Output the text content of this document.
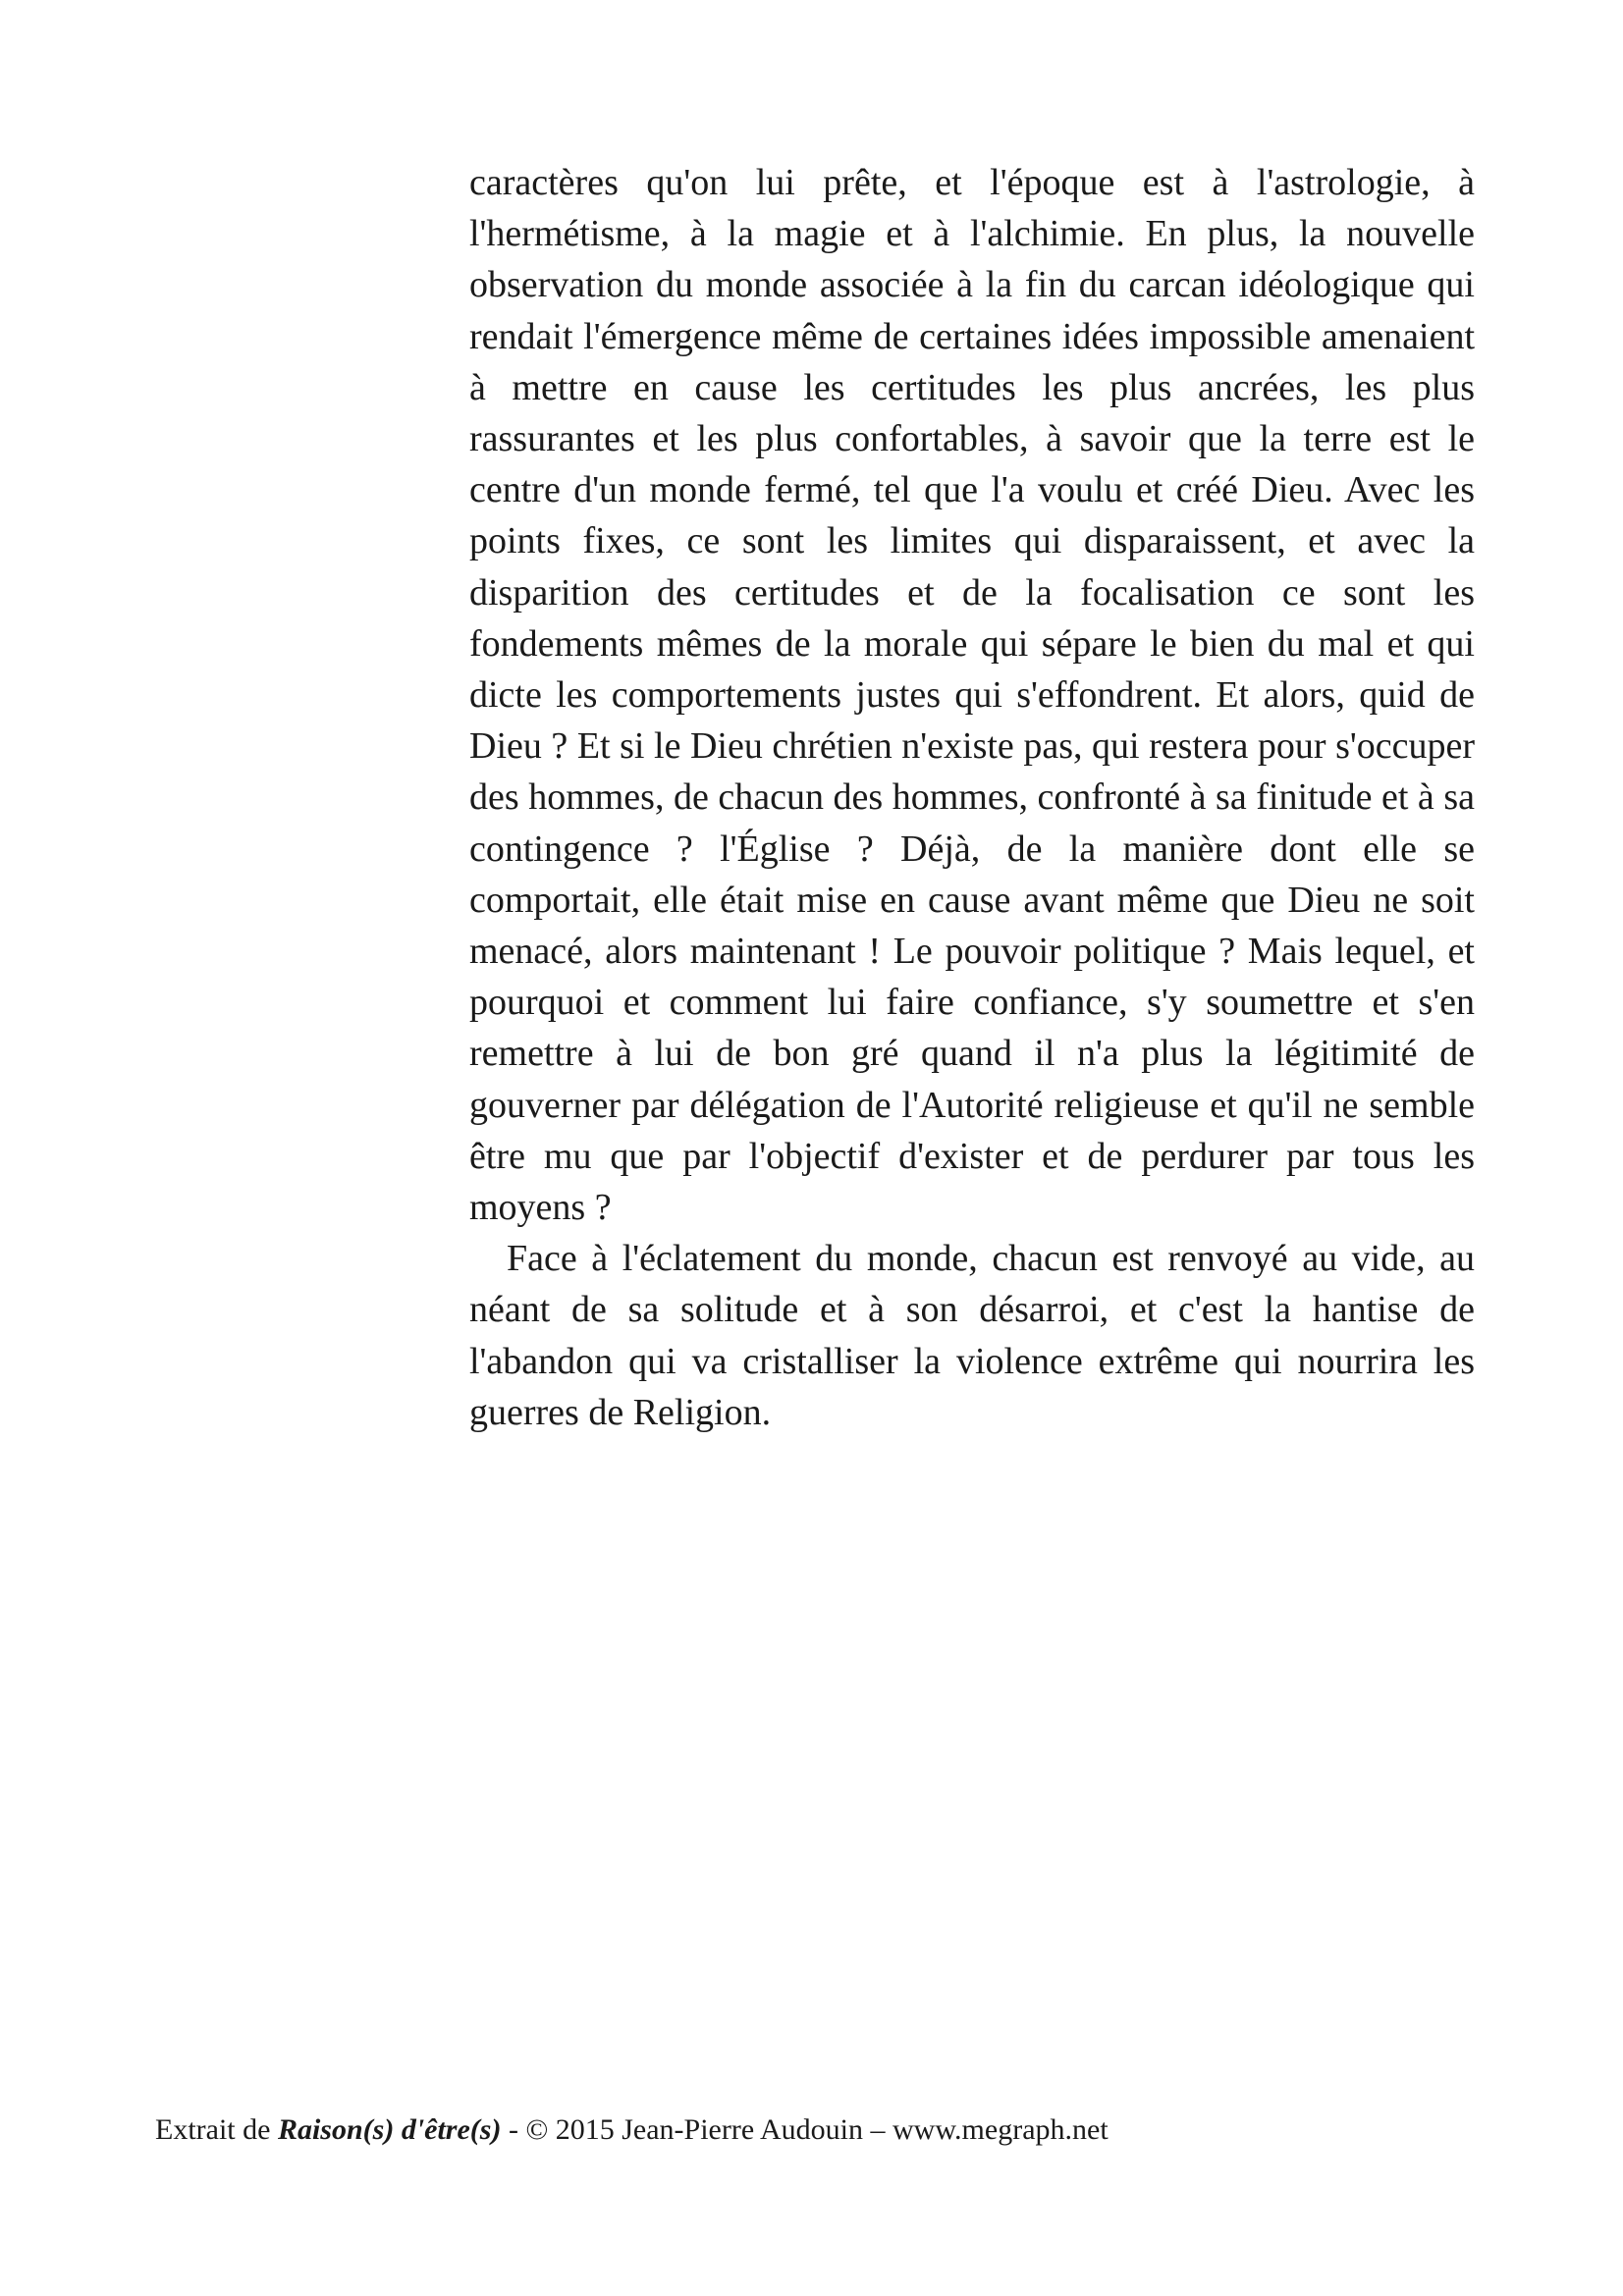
caractères qu'on lui prête, et l'époque est à l'astrologie, à l'hermétisme, à la magie et à l'alchimie. En plus, la nouvelle observation du monde associée à la fin du carcan idéologique qui rendait l'émergence même de certaines idées impossible amenaient à mettre en cause les certitudes les plus ancrées, les plus rassurantes et les plus confortables, à savoir que la terre est le centre d'un monde fermé, tel que l'a voulu et créé Dieu. Avec les points fixes, ce sont les limites qui disparaissent, et avec la disparition des certitudes et de la focalisation ce sont les fondements mêmes de la morale qui sépare le bien du mal et qui dicte les comportements justes qui s'effondrent. Et alors, quid de Dieu ? Et si le Dieu chrétien n'existe pas, qui restera pour s'occuper des hommes, de chacun des hommes, confronté à sa finitude et à sa contingence ? l'Église ? Déjà, de la manière dont elle se comportait, elle était mise en cause avant même que Dieu ne soit menacé, alors maintenant ! Le pouvoir politique ? Mais lequel, et pourquoi et comment lui faire confiance, s'y soumettre et s'en remettre à lui de bon gré quand il n'a plus la légitimité de gouverner par délégation de l'Autorité religieuse et qu'il ne semble être mu que par l'objectif d'exister et de perdurer par tous les moyens ?

Face à l'éclatement du monde, chacun est renvoyé au vide, au néant de sa solitude et à son désarroi, et c'est la hantise de l'abandon qui va cristalliser la violence extrême qui nourrira les guerres de Religion.

Extrait de Raison(s) d'être(s) - © 2015 Jean-Pierre Audouin – www.megraph.net
